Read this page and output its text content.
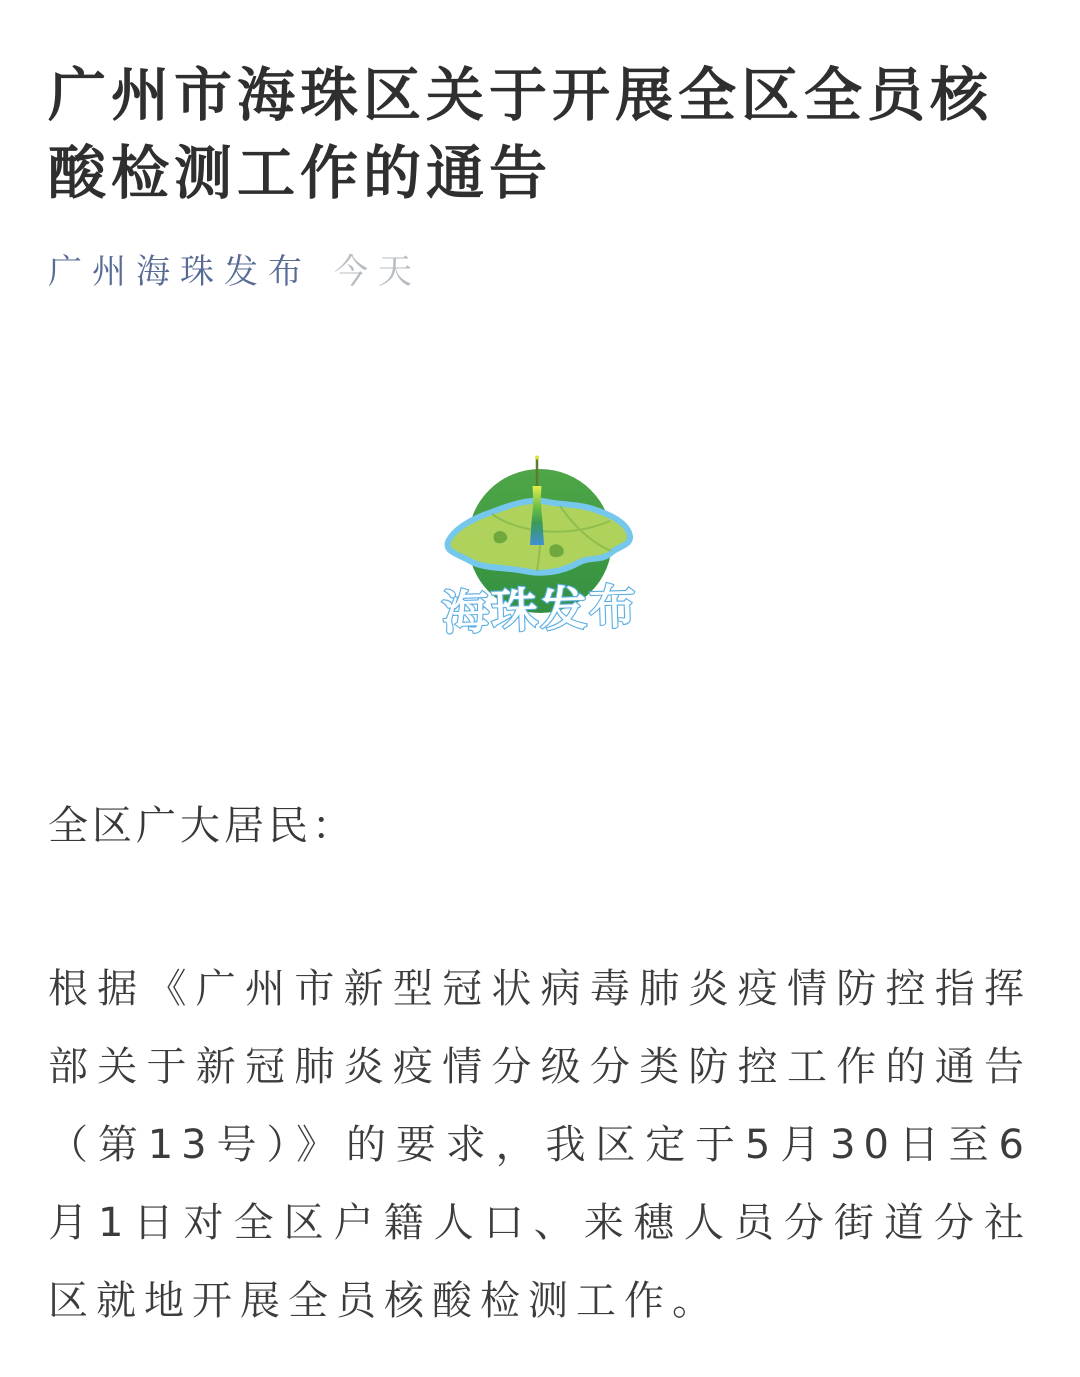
广州市海珠区关于开展全区全员核酸检测工作的通告
广州海珠发布 今天
海珠发布

全区广大居民：

根据《广州市新型冠状病毒肺炎疫情防控指挥部关于新冠肺炎疫情分级分类防控工作的通告（第13号）》的要求，我区定于5月30日至6月1日对全区户籍人口、来穗人员分街道分社区就地开展全员核酸检测工作。
